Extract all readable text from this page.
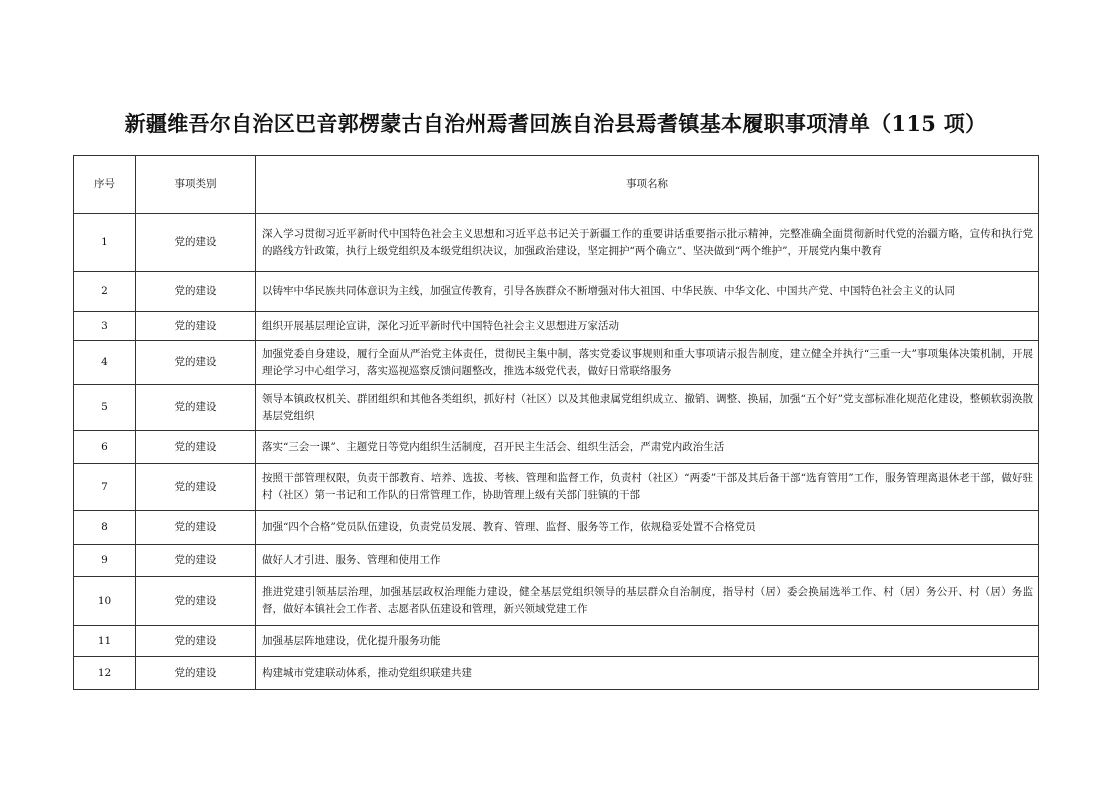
新疆维吾尔自治区巴音郭楞蒙古自治州焉耆回族自治县焉耆镇基本履职事项清单（115 项）
序号	事项类别	事项名称
1	党的建设	深入学习贯彻习近平新时代中国特色社会主义思想和习近平总书记关于新疆工作的重要讲话重要指示批示精神，完整准确全面贯彻新时代党的治疆方略，宣传和执行党的路线方针政策，执行上级党组织及本级党组织决议，加强政治建设，坚定拥护“两个确立”、坚决做到“两个维护”，开展党内集中教育
2	党的建设	以铸牢中华民族共同体意识为主线，加强宣传教育，引导各族群众不断增强对伟大祖国、中华民族、中华文化、中国共产党、中国特色社会主义的认同
3	党的建设	组织开展基层理论宣讲，深化习近平新时代中国特色社会主义思想进万家活动
4	党的建设	加强党委自身建设，履行全面从严治党主体责任，贯彻民主集中制，落实党委议事规则和重大事项请示报告制度，建立健全并执行“三重一大”事项集体决策机制，开展理论学习中心组学习，落实巡视巡察反馈问题整改，推选本级党代表，做好日常联络服务
5	党的建设	领导本镇政权机关、群团组织和其他各类组织，抓好村（社区）以及其他隶属党组织成立、撤销、调整、换届，加强“五个好”党支部标准化规范化建设，整顿软弱涣散基层党组织
6	党的建设	落实“三会一课”、主题党日等党内组织生活制度，召开民主生活会、组织生活会，严肃党内政治生活
7	党的建设	按照干部管理权限，负责干部教育、培养、选拔、考核、管理和监督工作，负责村（社区）“两委”干部及其后备干部“选育管用”工作，服务管理离退休老干部，做好驻村（社区）第一书记和工作队的日常管理工作，协助管理上级有关部门驻镇的干部
8	党的建设	加强“四个合格”党员队伍建设，负责党员发展、教育、管理、监督、服务等工作，依规稳妥处置不合格党员
9	党的建设	做好人才引进、服务、管理和使用工作
10	党的建设	推进党建引领基层治理，加强基层政权治理能力建设，健全基层党组织领导的基层群众自治制度，指导村（居）委会换届选举工作、村（居）务公开、村（居）务监督，做好本镇社会工作者、志愿者队伍建设和管理，新兴领域党建工作
11	党的建设	加强基层阵地建设，优化提升服务功能
12	党的建设	构建城市党建联动体系，推动党组织联建共建
